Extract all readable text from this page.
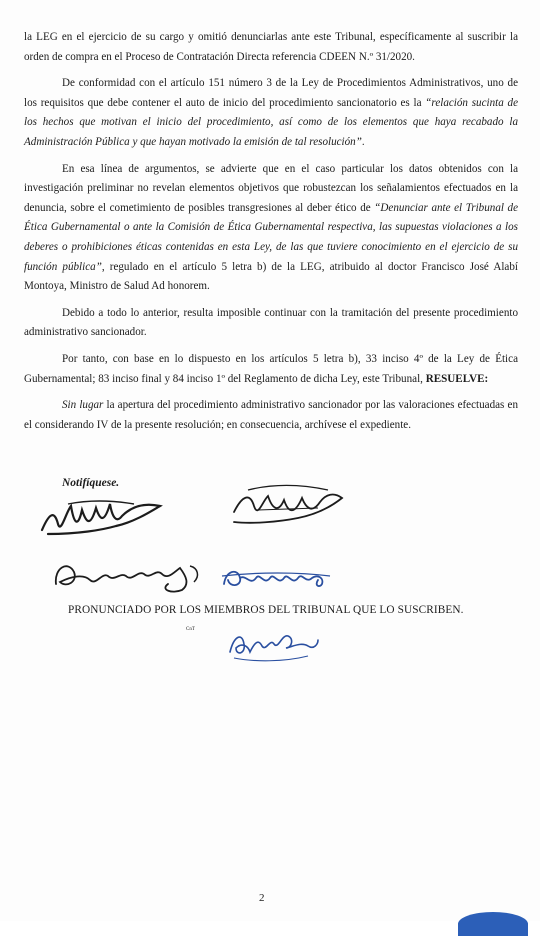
la LEG en el ejercicio de su cargo y omitió denunciarlas ante este Tribunal, específicamente al suscribir la orden de compra en el Proceso de Contratación Directa referencia CDEEN N.º 31/2020.

De conformidad con el artículo 151 número 3 de la Ley de Procedimientos Administrativos, uno de los requisitos que debe contener el auto de inicio del procedimiento sancionatorio es la “relación sucinta de los hechos que motivan el inicio del procedimiento, así como de los elementos que haya recabado la Administración Pública y que hayan motivado la emisión de tal resolución”.

En esa línea de argumentos, se advierte que en el caso particular los datos obtenidos con la investigación preliminar no revelan elementos objetivos que robustezcan los señalamientos efectuados en la denuncia, sobre el cometimiento de posibles transgresiones al deber ético de “Denunciar ante el Tribunal de Ética Gubernamental o ante la Comisión de Ética Gubernamental respectiva, las supuestas violaciones a los deberes o prohibiciones éticas contenidas en esta Ley, de las que tuviere conocimiento en el ejercicio de su función pública”, regulado en el artículo 5 letra b) de la LEG, atribuido al doctor Francisco José Alabí Montoya, Ministro de Salud Ad honorem.

Debido a todo lo anterior, resulta imposible continuar con la tramitación del presente procedimiento administrativo sancionador.

Por tanto, con base en lo dispuesto en los artículos 5 letra b), 33 inciso 4º de la Ley de Ética Gubernamental; 83 inciso final y 84 inciso 1º del Reglamento de dicha Ley, este Tribunal, RESUELVE:

Sin lugar la apertura del procedimiento administrativo sancionador por las valoraciones efectuadas en el considerando IV de la presente resolución; en consecuencia, archívese el expediente.

Notifíquese.
PRONUNCIADO POR LOS MIEMBROS DEL TRIBUNAL QUE LO SUSCRIBEN.
CnT
2
